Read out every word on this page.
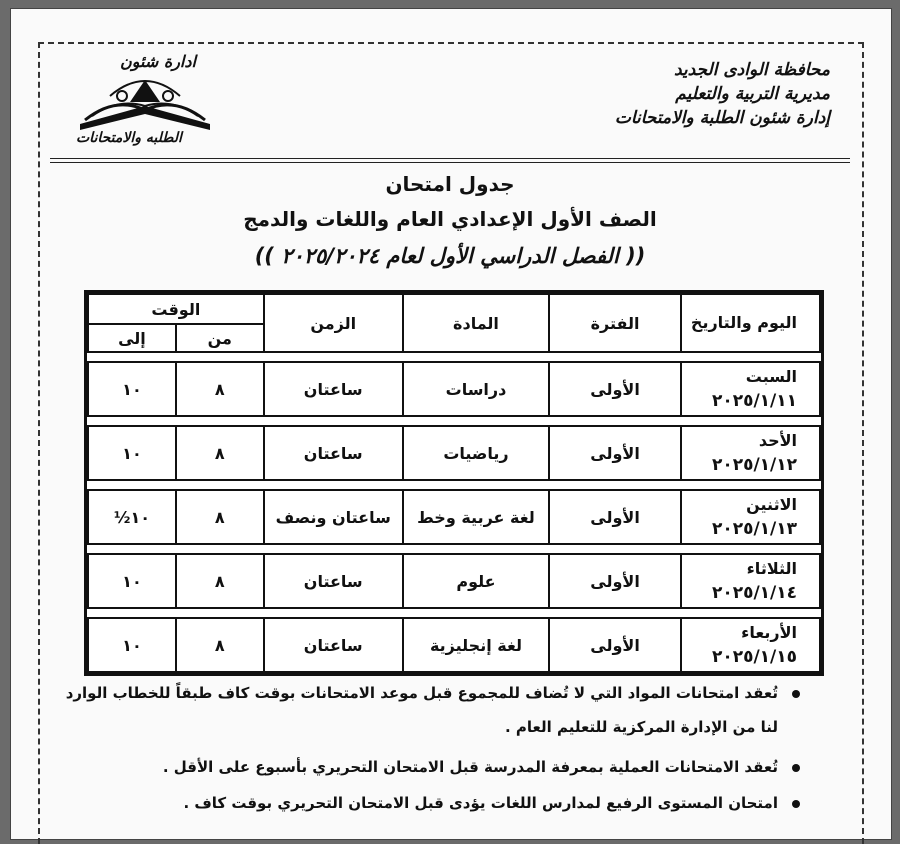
محافظة الوادى الجديد
مديرية التربية والتعليم
إدارة شئون الطلبة والامتحانات
ادارة شئون
الطلبه والامتحانات
جدول امتحان
الصف الأول الإعدادي العام واللغات والدمج
(( الفصل الدراسي الأول لعام ٢٠٢٥/٢٠٢٤ ))
اليوم والتاريخ	الفترة	المادة	الزمن	الوقت	
				من	إلى

السبت
٢٠٢٥/١/١١	الأولى	دراسات	ساعتان	٨	١٠

الأحد
٢٠٢٥/١/١٢	الأولى	رياضيات	ساعتان	٨	١٠

الاثنين
٢٠٢٥/١/١٣	الأولى	لغة عربية وخط	ساعتان ونصف	٨	١٠½

الثلاثاء
٢٠٢٥/١/١٤	الأولى	علوم	ساعتان	٨	١٠

الأربعاء
٢٠٢٥/١/١٥	الأولى	لغة إنجليزية	ساعتان	٨	١٠
تُعقد امتحانات المواد التي لا تُضاف للمجموع قبل موعد الامتحانات بوقت كاف طبقاً للخطاب الوارد
لنا من الإدارة المركزية للتعليم العام .
تُعقد الامتحانات العملية بمعرفة المدرسة قبل الامتحان التحريري بأسبوع على الأقل .
امتحان المستوى الرفيع لمدارس اللغات يؤدى قبل الامتحان التحريري بوقت كاف .
